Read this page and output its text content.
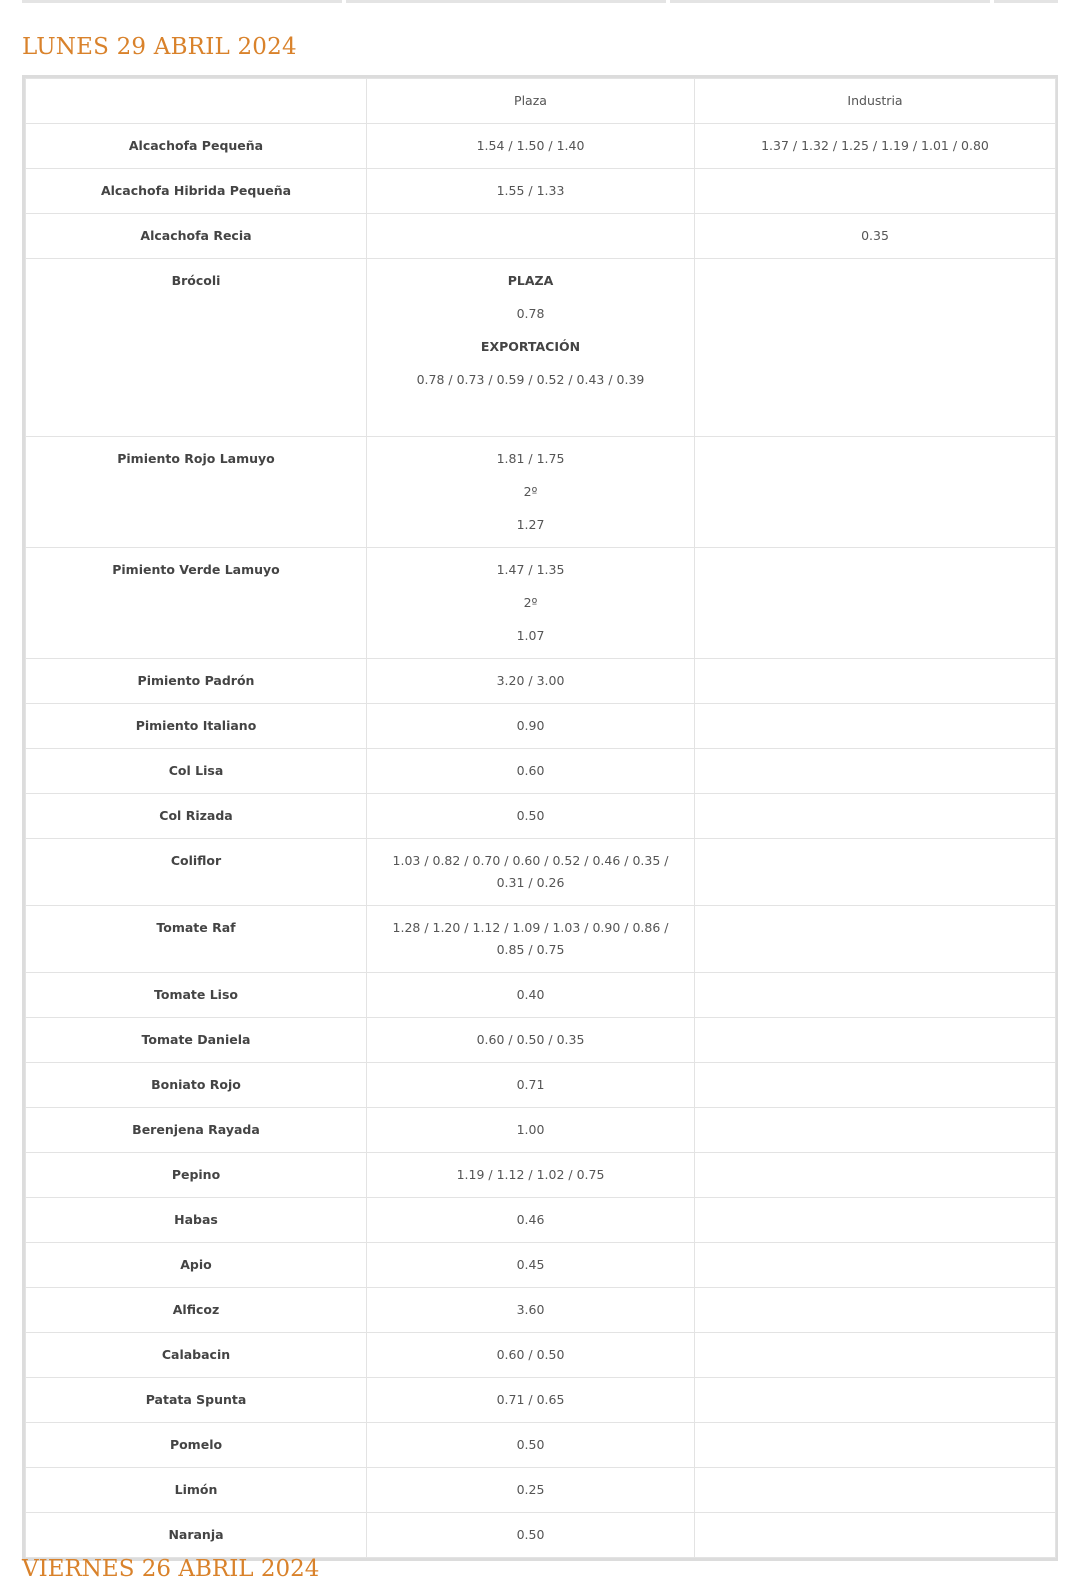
LUNES 29 ABRIL 2024
	Plaza	Industria
Alcachofa Pequeña	1.54 / 1.50 / 1.40	1.37 / 1.32 / 1.25 / 1.19 / 1.01 / 0.80
Alcachofa Hibrida Pequeña	1.55 / 1.33	
Alcachofa Recia		0.35
Brócoli	PLAZA
0.78
EXPORTACIÓN
0.78 / 0.73 / 0.59 / 0.52 / 0.43 / 0.39	

Pimiento Rojo Lamuyo	1.81 / 1.75
2º
1.27	

Pimiento Verde Lamuyo	1.47 / 1.35
2º
1.07	

Pimiento Padrón	3.20 / 3.00	
Pimiento Italiano	0.90	
Col Lisa	0.60	
Col Rizada	0.50	
Coliflor	1.03 / 0.82 / 0.70 / 0.60 / 0.52 / 0.46 / 0.35 / 0.31 / 0.26	
Tomate Raf	1.28 / 1.20 / 1.12 / 1.09 / 1.03 / 0.90 / 0.86 / 0.85 / 0.75	
Tomate Liso	0.40	
Tomate Daniela	0.60 / 0.50 / 0.35	
Boniato Rojo	0.71	
Berenjena Rayada	1.00	
Pepino	1.19 / 1.12 / 1.02 / 0.75	
Habas	0.46	
Apio	0.45	
Alficoz	3.60	
Calabacin	0.60 / 0.50	
Patata Spunta	0.71 / 0.65	
Pomelo	0.50	
Limón	0.25	
Naranja	0.50	
VIERNES 26 ABRIL 2024
